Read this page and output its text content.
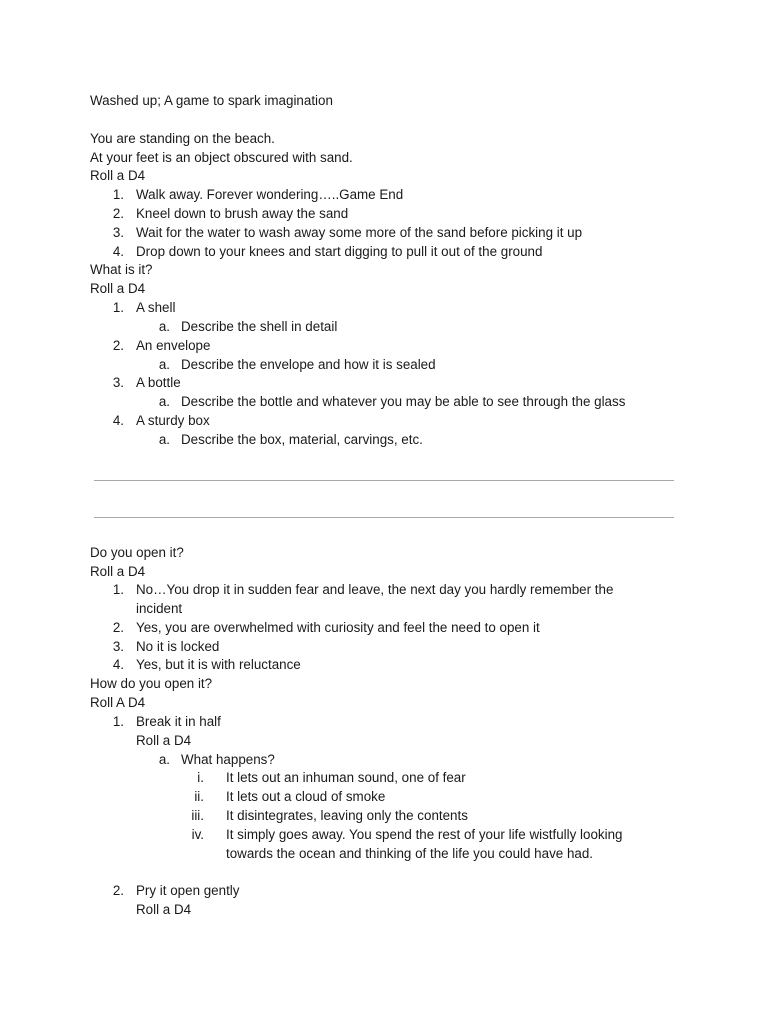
Washed up; A game to spark imagination
You are standing on the beach.
At your feet is an object obscured with sand.
Roll a D4
1. Walk away. Forever wondering…..Game End
2. Kneel down to brush away the sand
3. Wait for the water to wash away some more of the sand before picking it up
4. Drop down to your knees and start digging to pull it out of the ground
What is it?
Roll a D4
1. A shell
a. Describe the shell in detail
2. An envelope
a. Describe the envelope and how it is sealed
3. A bottle
a. Describe the bottle and whatever you may be able to see through the glass
4. A sturdy box
a. Describe the box, material, carvings, etc.
Do you open it?
Roll a D4
1. No…You drop it in sudden fear and leave, the next day you hardly remember the
incident
2. Yes, you are overwhelmed with curiosity and feel the need to open it
3. No it is locked
4. Yes, but it is with reluctance
How do you open it?
Roll A D4
1. Break it in half
Roll a D4
a. What happens?
i. It lets out an inhuman sound, one of fear
ii. It lets out a cloud of smoke
iii. It disintegrates, leaving only the contents
iv. It simply goes away. You spend the rest of your life wistfully looking
towards the ocean and thinking of the life you could have had.
2. Pry it open gently
Roll a D4
